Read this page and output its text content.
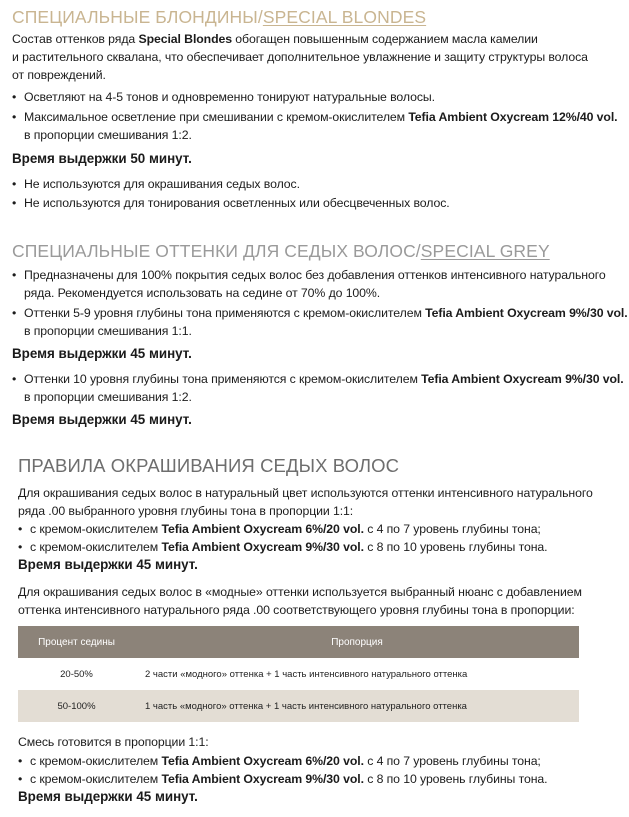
СПЕЦИАЛЬНЫЕ БЛОНДИНЫ/SPECIAL BLONDES
Состав оттенков ряда Special Blondes обогащен повышенным содержанием масла камелии
и растительного сквалана, что обеспечивает дополнительное увлажнение и защиту структуры волоса
от повреждений.
• Осветляют на 4-5 тонов и одновременно тонируют натуральные волосы.
• Максимальное осветление при смешивании с кремом-окислителем Tefia Ambient Oxycream 12%/40 vol.
в пропорции смешивания 1:2.
Время выдержки 50 минут.
• Не используются для окрашивания седых волос.
• Не используются для тонирования осветленных или обесцвеченных волос.
СПЕЦИАЛЬНЫЕ ОТТЕНКИ ДЛЯ СЕДЫХ ВОЛОС/SPECIAL GREY
• Предназначены для 100% покрытия седых волос без добавления оттенков интенсивного натурального
ряда. Рекомендуется использовать на седине от 70% до 100%.
• Оттенки 5-9 уровня глубины тона применяются с кремом-окислителем Tefia Ambient Oxycream 9%/30 vol.
в пропорции смешивания 1:1.
Время выдержки 45 минут.
• Оттенки 10 уровня глубины тона применяются с кремом-окислителем Tefia Ambient Oxycream 9%/30 vol.
в пропорции смешивания 1:2.
Время выдержки 45 минут.
ПРАВИЛА ОКРАШИВАНИЯ СЕДЫХ ВОЛОС
Для окрашивания седых волос в натуральный цвет используются оттенки интенсивного натурального
ряда .00 выбранного уровня глубины тона в пропорции 1:1:
• с кремом-окислителем Tefia Ambient Oxycream 6%/20 vol. с 4 по 7 уровень глубины тона;
• с кремом-окислителем Tefia Ambient Oxycream 9%/30 vol. с 8 по 10 уровень глубины тона.
Время выдержки 45 минут.
Для окрашивания седых волос в «модные» оттенки используется выбранный нюанс с добавлением
оттенка интенсивного натурального ряда .00 соответствующего уровня глубины тона в пропорции:
Процент седины	Пропорция
20-50%	2 части «модного» оттенка + 1 часть интенсивного натурального оттенка
50-100%	1 часть «модного» оттенка + 1 часть интенсивного натурального оттенка
Смесь готовится в пропорции 1:1:
• с кремом-окислителем Tefia Ambient Oxycream 6%/20 vol. с 4 по 7 уровень глубины тона;
• с кремом-окислителем Tefia Ambient Oxycream 9%/30 vol. с 8 по 10 уровень глубины тона.
Время выдержки 45 минут.
